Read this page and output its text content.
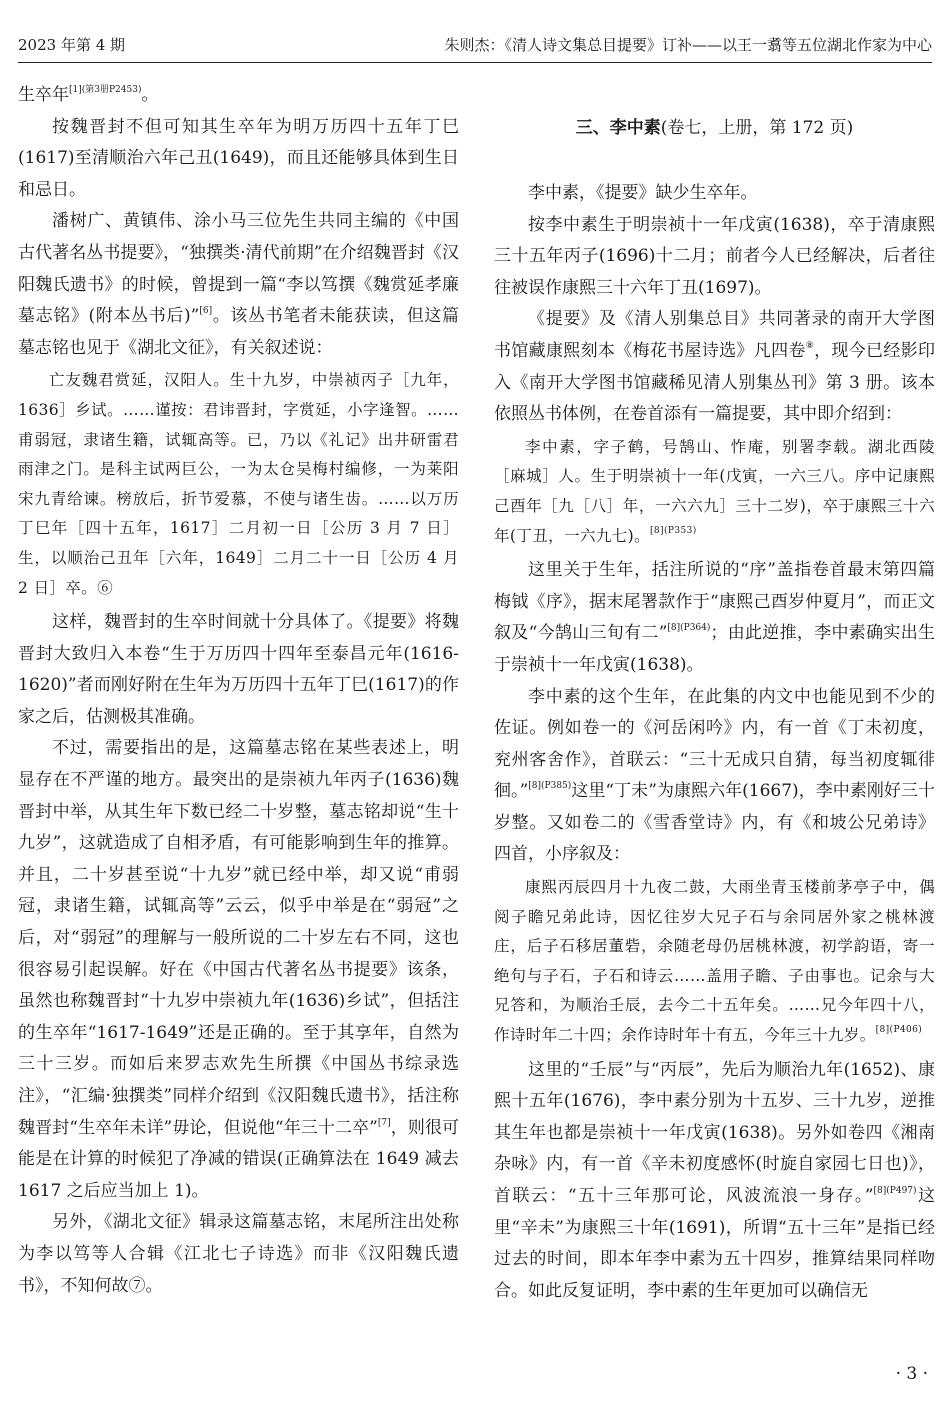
2023 年第 4 期	朱则杰：《清人诗文集总目提要》订补——以王一翥等五位湖北作家为中心

生卒年$^{[1](第3册P2453)}$。

按魏晋封不但可知其生卒年为明万历四十五年丁巳(1617)至清顺治六年己丑(1649)，而且还能够具体到生日和忌日。

潘树广、黄镇伟、涂小马三位先生共同主编的《中国古代著名丛书提要》，“独撰类·清代前期”在介绍魏晋封《汉阳魏氏遗书》的时候，曾提到一篇“李以笃撰《魏赏延孝廉墓志铭》(附本丛书后)”[6]。该丛书笔者未能获读，但这篇墓志铭也见于《湖北文征》，有关叙述说：

亡友魏君赏延，汉阳人。生十九岁，中崇祯丙子［九年，1636］乡试。……谨按：君讳晋封，字赏延，小字逢智。……甫弱冠，隶诸生籍，试辄高等。已，乃以《礼记》出井研雷君雨津之门。是科主试两巨公，一为太仓吴梅村编修，一为莱阳宋九青给谏。榜放后，折节爱慕，不使与诸生齿。……以万历丁巳年［四十五年，1617］二月初一日［公历 3 月 7 日］生，以顺治己丑年［六年，1649］二月二十一日［公历 4 月 2 日］卒。⑥

这样，魏晋封的生卒时间就十分具体了。《提要》将魏晋封大致归入本卷“生于万历四十四年至泰昌元年(1616-1620)”者而刚好附在生年为万历四十五年丁巳(1617)的作家之后，估测极其准确。

不过，需要指出的是，这篇墓志铭在某些表述上，明显存在不严谨的地方。最突出的是崇祯九年丙子(1636)魏晋封中举，从其生年下数已经二十岁整，墓志铭却说“生十九岁”，这就造成了自相矛盾，有可能影响到生年的推算。并且，二十岁甚至说“十九岁”就已经中举，却又说“甫弱冠，隶诸生籍，试辄高等”云云，似乎中举是在“弱冠”之后，对“弱冠”的理解与一般所说的二十岁左右不同，这也很容易引起误解。好在《中国古代著名丛书提要》该条，虽然也称魏晋封“十九岁中崇祯九年(1636)乡试”，但括注的生卒年“1617-1649”还是正确的。至于其享年，自然为三十三岁。而如后来罗志欢先生所撰《中国丛书综录选注》，“汇编·独撰类”同样介绍到《汉阳魏氏遗书》，括注称魏晋封“生卒年未详”毋论，但说他“年三十二卒”[7]，则很可能是在计算的时候犯了净减的错误(正确算法在 1649 减去 1617 之后应当加上 1)。

另外，《湖北文征》辑录这篇墓志铭，末尾所注出处称为李以笃等人合辑《江北七子诗选》而非《汉阳魏氏遗书》，不知何故⑦。

三、李中素(卷七，上册，第 172 页)

李中素，《提要》缺少生卒年。

按李中素生于明崇祯十一年戊寅(1638)，卒于清康熙三十五年丙子(1696)十二月；前者今人已经解决，后者往往被误作康熙三十六年丁丑(1697)。

《提要》及《清人别集总目》共同著录的南开大学图书馆藏康熙刻本《梅花书屋诗选》凡四卷⑧，现今已经影印入《南开大学图书馆藏稀见清人别集丛刊》第 3 册。该本依照丛书体例，在卷首添有一篇提要，其中即介绍到：

李中素，字子鹤，号鹄山、怍庵，别署李载。湖北西陵［麻城］人。生于明崇祯十一年(戊寅，一六三八。序中记康熙己酉年［九［八］年，一六六九］三十二岁)，卒于康熙三十六年(丁丑，一六九七)。$^{[8](P353)}$

这里关于生年，括注所说的“序”盖指卷首最末第四篇梅钺《序》，据末尾署款作于“康熙己酉岁仲夏月”，而正文叙及“今鹄山三旬有二”$^{[8](P364)}$；由此逆推，李中素确实出生于崇祯十一年戊寅(1638)。

李中素的这个生年，在此集的内文中也能见到不少的佐证。例如卷一的《河岳闲吟》内，有一首《丁未初度，兖州客舍作》，首联云：“三十无成只自猜，每当初度辄徘徊。”$^{[8](P385)}$这里“丁未”为康熙六年(1667)，李中素刚好三十岁整。又如卷二的《雪香堂诗》内，有《和坡公兄弟诗》四首，小序叙及：

康熙丙辰四月十九夜二鼓，大雨坐青玉楼前茅亭子中，偶阅子瞻兄弟此诗，因忆往岁大兄子石与余同居外家之桃林渡庄，后子石移居董砦，余随老母仍居桃林渡，初学韵语，寄一绝句与子石，子石和诗云……盖用子瞻、子由事也。记余与大兄答和，为顺治壬辰，去今二十五年矣。……兄今年四十八，作诗时年二十四；余作诗时年十有五，今年三十九岁。$^{[8](P406)}$

这里的“壬辰”与“丙辰”，先后为顺治九年(1652)、康熙十五年(1676)，李中素分别为十五岁、三十九岁，逆推其生年也都是崇祯十一年戊寅(1638)。另外如卷四《湘南杂咏》内，有一首《辛未初度感怀(时旋自家园七日也)》，首联云：“五十三年那可论，风波流浪一身存。”$^{[8](P497)}$这里“辛未”为康熙三十年(1691)，所谓“五十三年”是指已经过去的时间，即本年李中素为五十四岁，推算结果同样吻合。如此反复证明，李中素的生年更加可以确信无

· 3 ·
